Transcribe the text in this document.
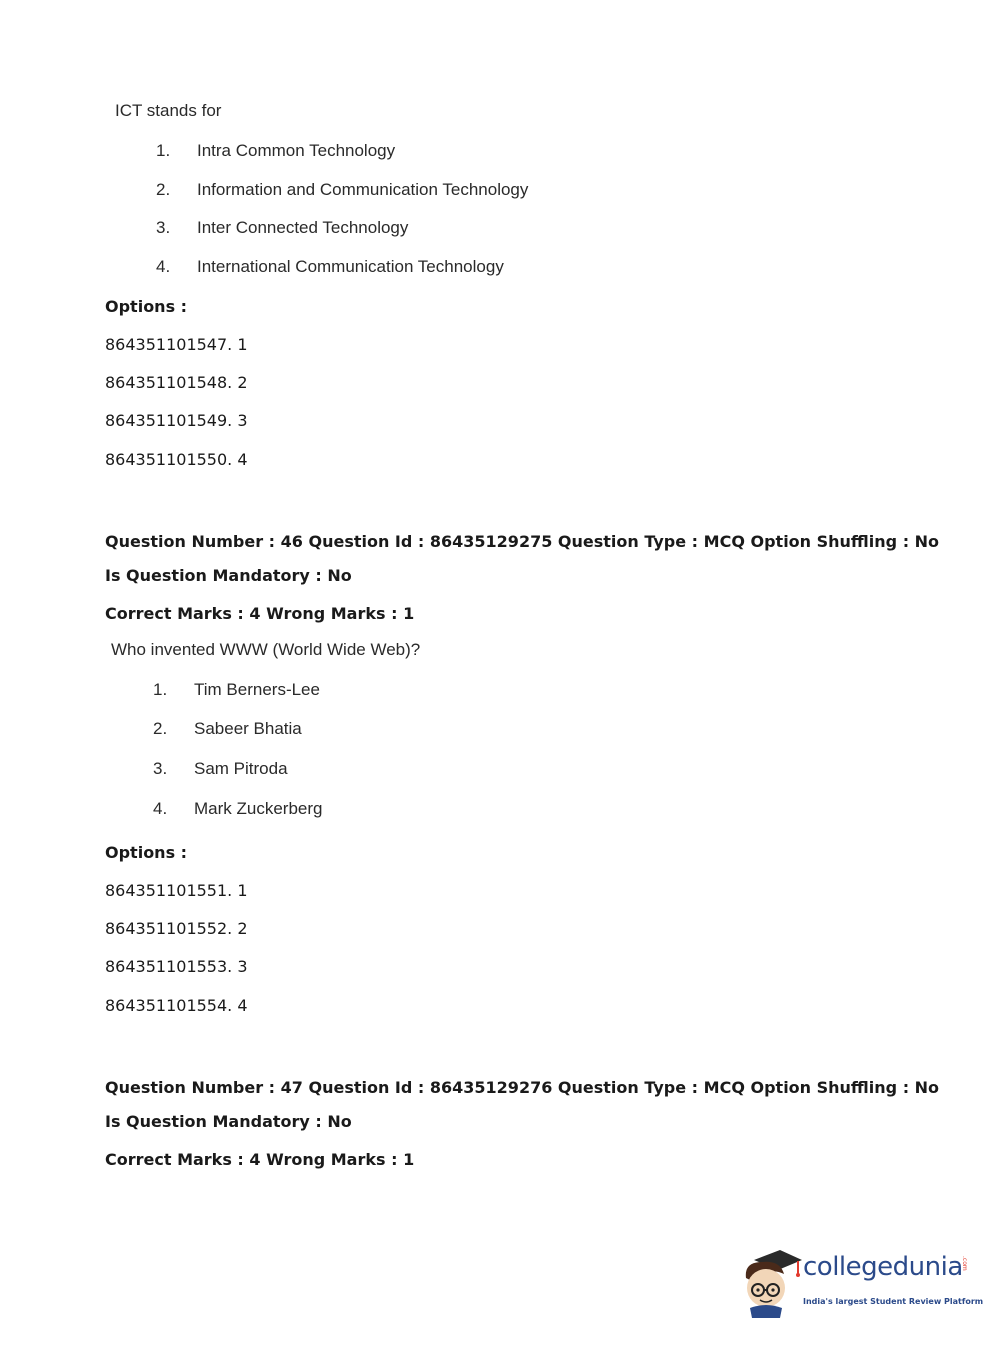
ICT stands for
1. Intra Common Technology
2. Information and Communication Technology
3. Inter Connected Technology
4. International Communication Technology
Options :
864351101547. 1
864351101548. 2
864351101549. 3
864351101550. 4
Question Number : 46 Question Id : 86435129275 Question Type : MCQ Option Shuffling : No
Is Question Mandatory : No
Correct Marks : 4 Wrong Marks : 1
Who invented WWW (World Wide Web)?
1. Tim Berners-Lee
2. Sabeer Bhatia
3. Sam Pitroda
4. Mark Zuckerberg
Options :
864351101551. 1
864351101552. 2
864351101553. 3
864351101554. 4
Question Number : 47 Question Id : 86435129276 Question Type : MCQ Option Shuffling : No
Is Question Mandatory : No
Correct Marks : 4 Wrong Marks : 1
collegedunia
.com
India's largest Student Review Platform
